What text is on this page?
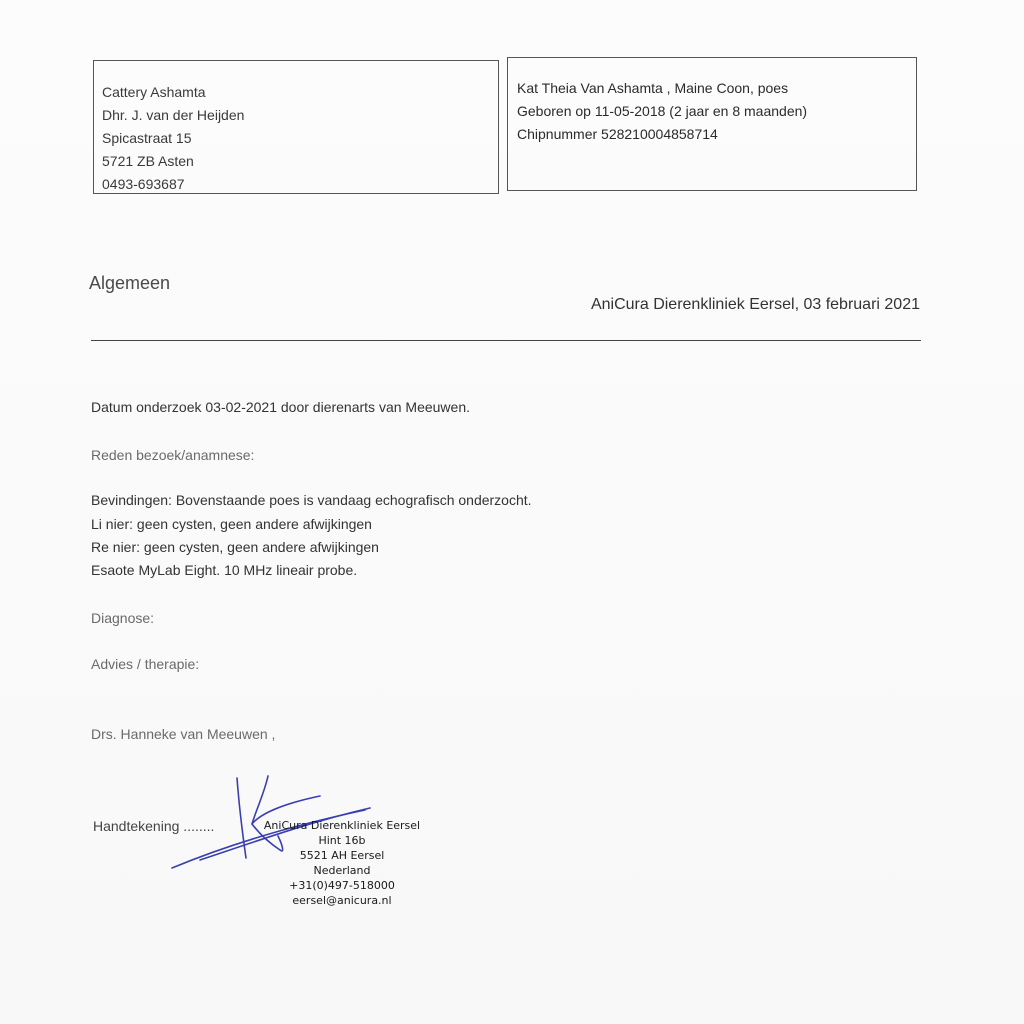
Cattery Ashamta
Dhr. J. van der Heijden
Spicastraat 15
5721 ZB Asten
0493-693687
Kat Theia Van Ashamta , Maine Coon, poes
Geboren op 11-05-2018 (2 jaar en 8 maanden)
Chipnummer 528210004858714
Algemeen
AniCura Dierenkliniek Eersel, 03 februari 2021
Datum onderzoek 03-02-2021 door dierenarts van Meeuwen.
Reden bezoek/anamnese:
Bevindingen: Bovenstaande poes is vandaag echografisch onderzocht.
Li nier: geen cysten, geen andere afwijkingen
Re nier: geen cysten, geen andere afwijkingen
Esaote MyLab Eight. 10 MHz lineair probe.
Diagnose:
Advies / therapie:
Drs. Hanneke van Meeuwen ,
Handtekening ........	AniCura Dierenkliniek Eersel
Hint 16b
5521 AH Eersel
Nederland
+31(0)497-518000
eersel@anicura.nl
